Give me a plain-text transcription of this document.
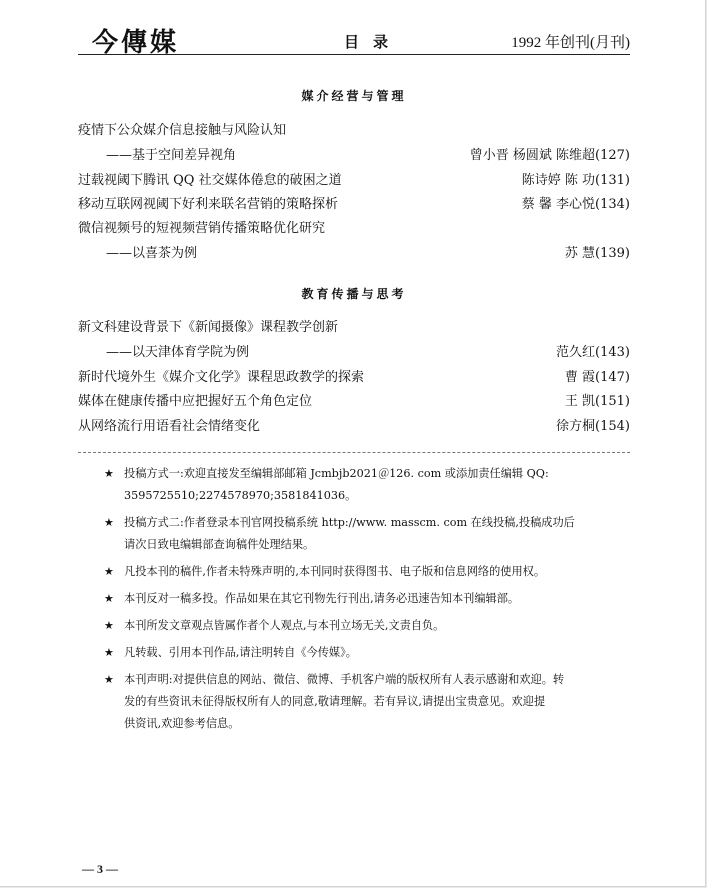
今傳媒	目录	1992 年创刊(月刊)
媒介经营与管理
疫情下公众媒介信息接触与风险认知
——基于空间差异视角	曾小晋 杨圆斌 陈维超(127)
过载视阈下腾讯 QQ 社交媒体倦怠的破困之道	陈诗婷 陈 功(131)
移动互联网视阈下好利来联名营销的策略探析	蔡 馨 李心悦(134)
微信视频号的短视频营销传播策略优化研究
——以喜茶为例	苏 慧(139)
教育传播与思考
新文科建设背景下《新闻摄像》课程教学创新
——以天津体育学院为例	范久红(143)
新时代境外生《媒介文化学》课程思政教学的探索	曹 霞(147)
媒体在健康传播中应把握好五个角色定位	王 凯(151)
从网络流行用语看社会情绪变化	徐方桐(154)
★ 投稿方式一:欢迎直接发至编辑部邮箱 Jcmbjb2021＠126. com 或添加责任编辑 QQ:
3595725510;2274578970;3581841036。
★ 投稿方式二:作者登录本刊官网投稿系统 http://www. masscm. com 在线投稿,投稿成功后
请次日致电编辑部查询稿件处理结果。
★ 凡投本刊的稿件,作者未特殊声明的,本刊同时获得图书、电子版和信息网络的使用权。
★ 本刊反对一稿多投。作品如果在其它刊物先行刊出,请务必迅速告知本刊编辑部。
★ 本刊所发文章观点皆属作者个人观点,与本刊立场无关,文责自负。
★ 凡转载、引用本刊作品,请注明转自《今传媒》。
★ 本刊声明:对提供信息的网站、微信、微博、手机客户端的版权所有人表示感谢和欢迎。转
发的有些资讯未征得版权所有人的同意,敬请理解。若有异议,请提出宝贵意见。欢迎提
供资讯,欢迎参考信息。
— 3 —
